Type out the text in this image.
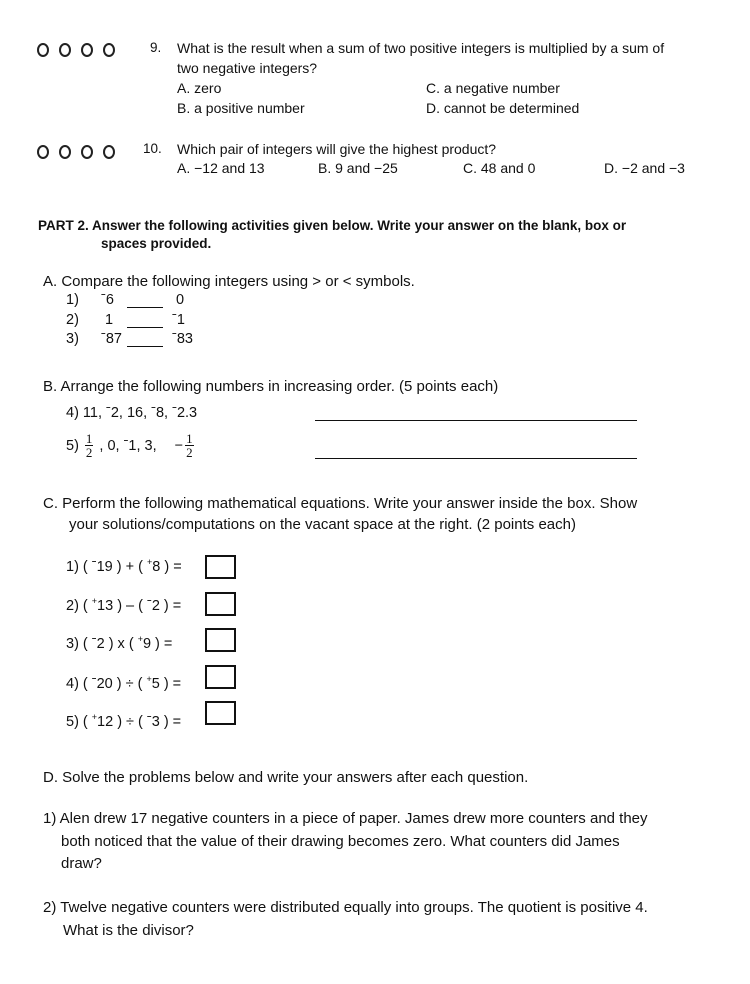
9. What is the result when a sum of two positive integers is multiplied by a sum of
two negative integers?
A. zero	C. a negative number
B. a positive number	D. cannot be determined
10. Which pair of integers will give the highest product?
A. −12 and 13	B. 9 and −25	C. 48 and 0	D. −2 and −3
PART 2. Answer the following activities given below. Write your answer on the blank, box or
spaces provided.
A. Compare the following integers using > or < symbols.
1) ˉ6	0
2) 1	ˉ1
3) ˉ87	ˉ83
B. Arrange the following numbers in increasing order. (5 points each)
4) 11, ˉ2, 16, ˉ8, ˉ2.3
$5) \frac{1}{2}$ , 0, ˉ1, 3, − $\frac{1}{2}$
C. Perform the following mathematical equations. Write your answer inside the box. Show
your solutions/computations on the vacant space at the right. (2 points each)
1) ( ˉ19 ) + ( +8 ) =
2) ( +13 ) – ( ˉ2 ) =
3) ( ˉ2 ) x ( +9 ) =
4) ( ˉ20 ) ÷ ( +5 ) =
5) ( +12 ) ÷ ( ˉ3 ) =
D. Solve the problems below and write your answers after each question.
1) Alen drew 17 negative counters in a piece of paper. James drew more counters and they
both noticed that the value of their drawing becomes zero. What counters did James
draw?
2) Twelve negative counters were distributed equally into groups. The quotient is positive 4.
What is the divisor?
